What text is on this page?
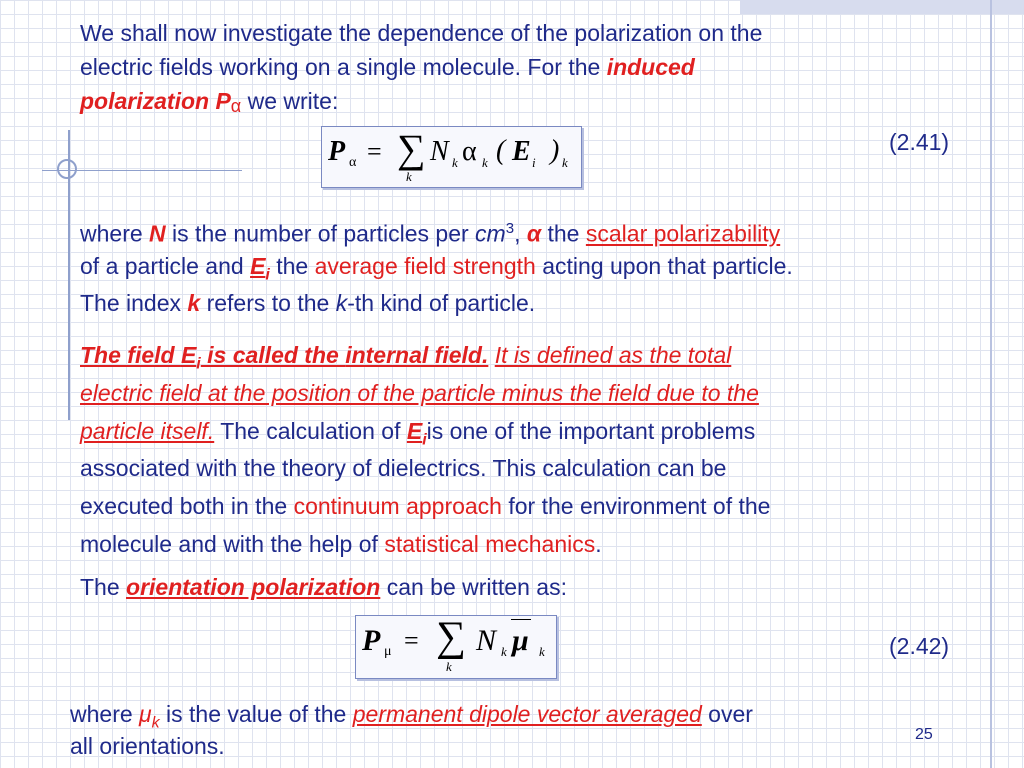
We shall now investigate the dependence of the polarization on the
electric fields working on a single molecule. For the induced
polarization Pα we write:
P α = ∑
k
N k α k ( E i ) k
(2.41)
where N is the number of particles per $cm^3$, α the scalar polarizability
of a particle and $E_i$ the average field strength acting upon that particle.
The index k refers to the k-th kind of particle.
The field $E_i$ is called the internal field. It is defined as the total
electric field at the position of the particle minus the field due to the
particle itself. The calculation of $E_iis$ one of the important problems
associated with the theory of dielectrics. This calculation can be
executed both in the continuum approach for the environment of the
molecule and with the help of statistical mechanics.
The orientation polarization can be written as:
P μ = ∑
k
N k μ k	(2.42)
where $\mu_k$ is the value of the permanent dipole vector averaged over
all orientations.	25
